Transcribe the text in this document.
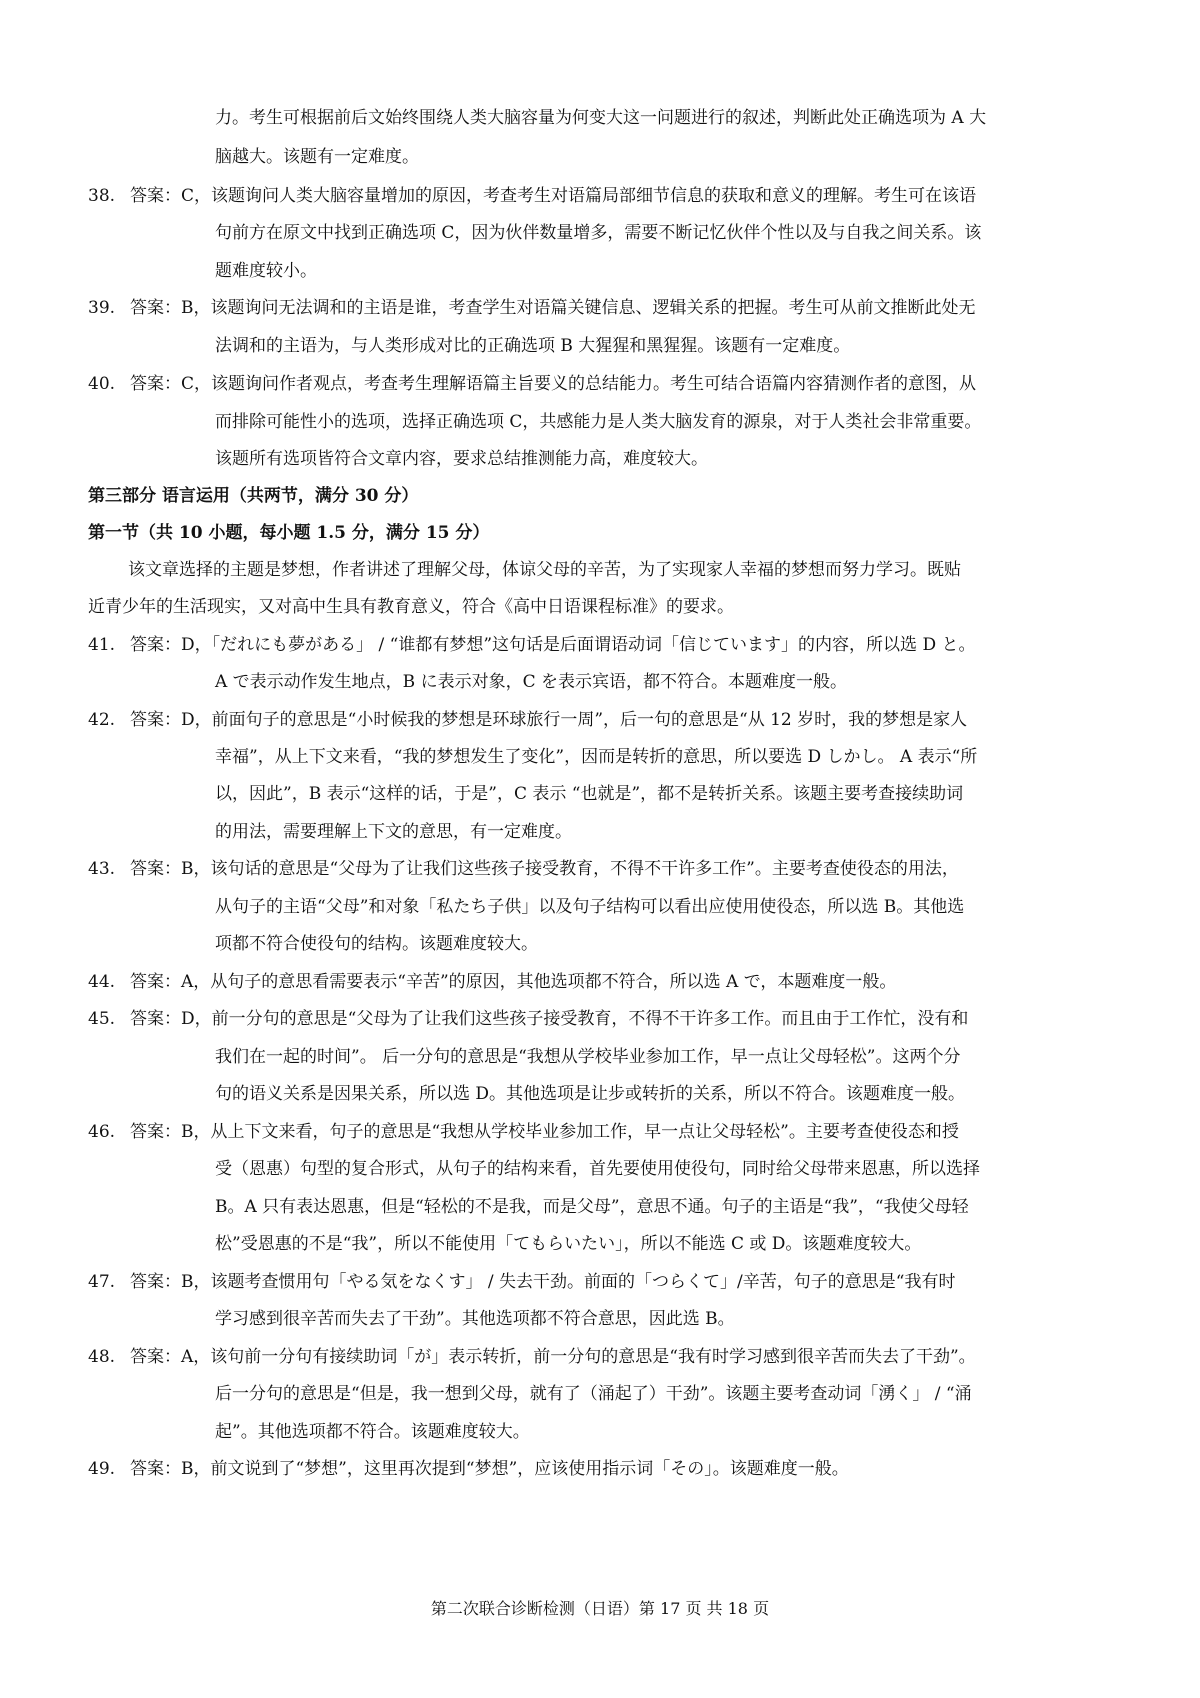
力。考生可根据前后文始终围绕人类大脑容量为何变大这一问题进行的叙述，判断此处正确选项为 A 大
脑越大。该题有一定难度。
38. 答案：C，该题询问人类大脑容量增加的原因，考查考生对语篇局部细节信息的获取和意义的理解。考生可在该语
句前方在原文中找到正确选项 C，因为伙伴数量增多，需要不断记忆伙伴个性以及与自我之间关系。该
题难度较小。
39. 答案：B，该题询问无法调和的主语是谁，考查学生对语篇关键信息、逻辑关系的把握。考生可从前文推断此处无
法调和的主语为，与人类形成对比的正确选项 B 大猩猩和黑猩猩。该题有一定难度。
40. 答案：C，该题询问作者观点，考查考生理解语篇主旨要义的总结能力。考生可结合语篇内容猜测作者的意图，从
而排除可能性小的选项，选择正确选项 C，共感能力是人类大脑发育的源泉，对于人类社会非常重要。
该题所有选项皆符合文章内容，要求总结推测能力高，难度较大。
第三部分 语言运用（共两节，满分 30 分）
第一节（共 10 小题，每小题 1.5 分，满分 15 分）
该文章选择的主题是梦想，作者讲述了理解父母，体谅父母的辛苦，为了实现家人幸福的梦想而努力学习。既贴
近青少年的生活现实，又对高中生具有教育意义，符合《高中日语课程标准》的要求。
41. 答案：D，「だれにも夢がある」 / “谁都有梦想”这句话是后面谓语动词「信じています」的内容，所以选 D と。
A で表示动作发生地点，B に表示对象，C を表示宾语，都不符合。本题难度一般。
42. 答案：D，前面句子的意思是“小时候我的梦想是环球旅行一周”，后一句的意思是“从 12 岁时，我的梦想是家人
幸福”，从上下文来看，“我的梦想发生了变化”，因而是转折的意思，所以要选 D しかし。 A 表示“所
以，因此”，B 表示“这样的话，于是”，C 表示 “也就是”，都不是转折关系。该题主要考查接续助词
的用法，需要理解上下文的意思，有一定难度。
43. 答案：B，该句话的意思是“父母为了让我们这些孩子接受教育，不得不干许多工作”。主要考查使役态的用法，
从句子的主语“父母”和对象「私たち子供」以及句子结构可以看出应使用使役态，所以选 B。其他选
项都不符合使役句的结构。该题难度较大。
44. 答案：A，从句子的意思看需要表示“辛苦”的原因，其他选项都不符合，所以选 A で，本题难度一般。
45. 答案：D，前一分句的意思是“父母为了让我们这些孩子接受教育，不得不干许多工作。而且由于工作忙，没有和
我们在一起的时间”。 后一分句的意思是“我想从学校毕业参加工作，早一点让父母轻松”。这两个分
句的语义关系是因果关系，所以选 D。其他选项是让步或转折的关系，所以不符合。该题难度一般。
46. 答案：B，从上下文来看，句子的意思是“我想从学校毕业参加工作，早一点让父母轻松”。主要考查使役态和授
受（恩惠）句型的复合形式，从句子的结构来看，首先要使用使役句，同时给父母带来恩惠，所以选择
B。A 只有表达恩惠，但是“轻松的不是我，而是父母”，意思不通。句子的主语是“我”，“我使父母轻
松”受恩惠的不是“我”，所以不能使用「てもらいたい」，所以不能选 C 或 D。该题难度较大。
47. 答案：B，该题考查惯用句「やる気をなくす」 / 失去干劲。前面的「つらくて」/辛苦，句子的意思是“我有时
学习感到很辛苦而失去了干劲”。其他选项都不符合意思，因此选 B。
48. 答案：A，该句前一分句有接续助词「が」表示转折，前一分句的意思是“我有时学习感到很辛苦而失去了干劲”。
后一分句的意思是“但是，我一想到父母，就有了（涌起了）干劲”。该题主要考查动词「湧く」 / “涌
起”。其他选项都不符合。该题难度较大。
49. 答案：B，前文说到了“梦想”，这里再次提到“梦想”，应该使用指示词「その」。该题难度一般。
第二次联合诊断检测（日语）第 17 页 共 18 页
